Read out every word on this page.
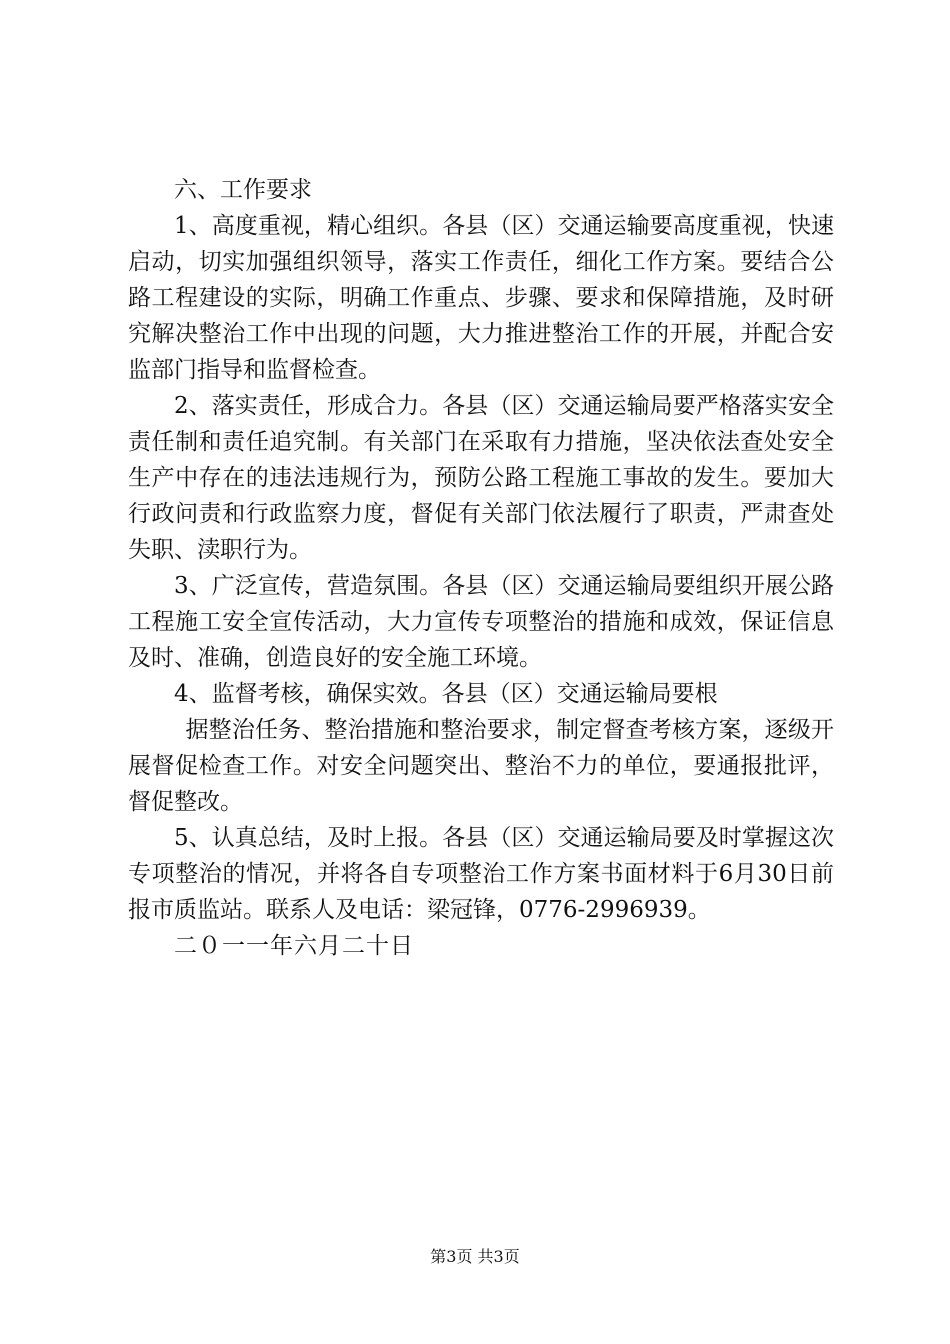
六、工作要求

1、高度重视，精心组织。各县（区）交通运输要高度重视，快速启动，切实加强组织领导，落实工作责任，细化工作方案。要结合公路工程建设的实际，明确工作重点、步骤、要求和保障措施，及时研究解决整治工作中出现的问题，大力推进整治工作的开展，并配合安监部门指导和监督检查。

2、落实责任，形成合力。各县（区）交通运输局要严格落实安全责任制和责任追究制。有关部门在采取有力措施，坚决依法查处安全生产中存在的违法违规行为，预防公路工程施工事故的发生。要加大行政问责和行政监察力度，督促有关部门依法履行了职责，严肃查处失职、渎职行为。

3、广泛宣传，营造氛围。各县（区）交通运输局要组织开展公路工程施工安全宣传活动，大力宣传专项整治的措施和成效，保证信息及时、准确，创造良好的安全施工环境。

4、监督考核，确保实效。各县（区）交通运输局要根

据整治任务、整治措施和整治要求，制定督查考核方案，逐级开展督促检查工作。对安全问题突出、整治不力的单位，要通报批评，督促整改。

5、认真总结，及时上报。各县（区）交通运输局要及时掌握这次专项整治的情况，并将各自专项整治工作方案书面材料于6月30日前报市质监站。联系人及电话：梁冠锋，0776-2996939。

二０一一年六月二十日

第3页 共3页
